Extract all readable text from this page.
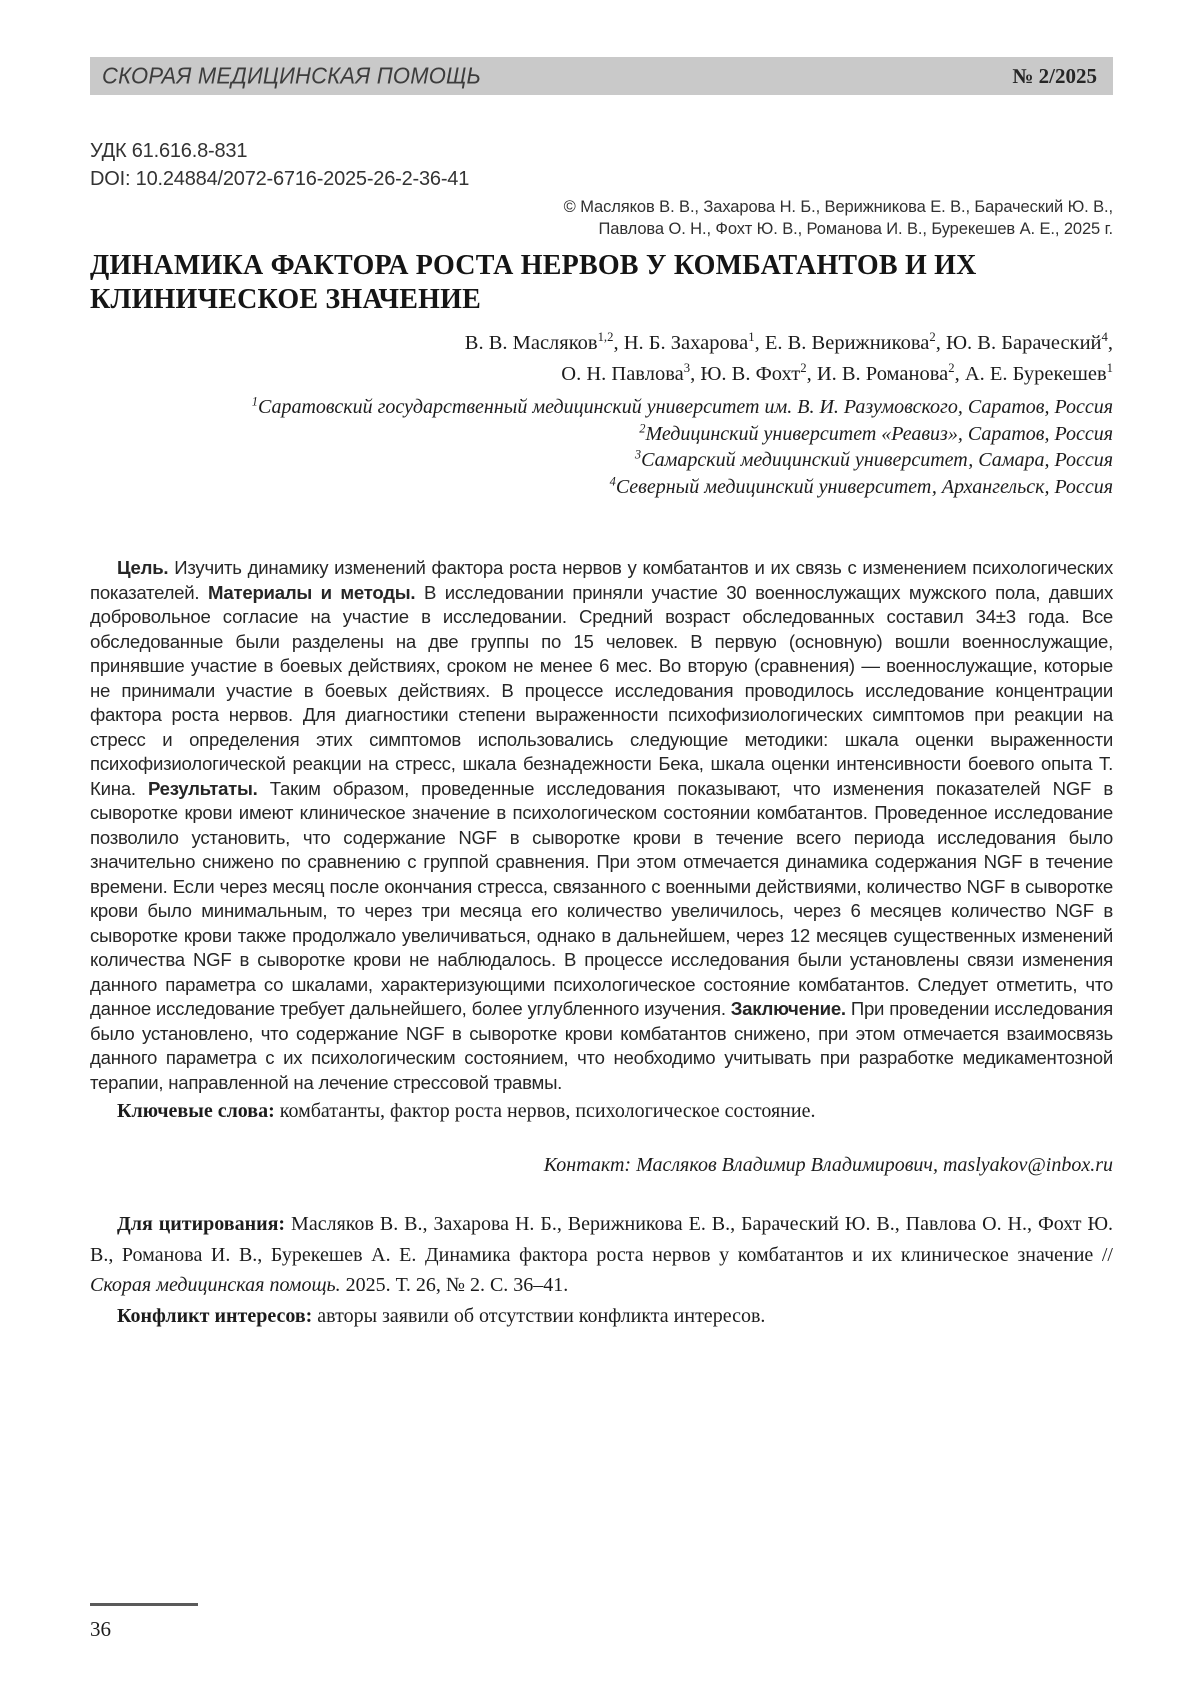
СКОРАЯ МЕДИЦИНСКАЯ ПОМОЩЬ	№ 2/2025
УДК 61.616.8-831
DOI: 10.24884/2072-6716-2025-26-2-36-41
© Масляков В. В., Захарова Н. Б., Верижникова Е. В., Бараческий Ю. В.,
Павлова О. Н., Фохт Ю. В., Романова И. В., Бурекешев А. Е., 2025 г.
ДИНАМИКА ФАКТОРА РОСТА НЕРВОВ У КОМБАТАНТОВ И ИХ КЛИНИЧЕСКОЕ ЗНАЧЕНИЕ
В. В. Масляков$^{1,2}$, Н. Б. Захарова$^1$, Е. В. Верижникова$^2$, Ю. В. Бараческий$^4$,
О. Н. Павлова$^3$, Ю. В. Фохт$^2$, И. В. Романова$^2$, А. Е. Бурекешев$^1$
$^1$Саратовский государственный медицинский университет им. В. И. Разумовского, Саратов, Россия
$^2$Медицинский университет «Реавиз», Саратов, Россия
$^3$Самарский медицинский университет, Самара, Россия
$^4$Северный медицинский университет, Архангельск, Россия

Цель. Изучить динамику изменений фактора роста нервов у комбатантов и их связь с изменением психологических показателей. Материалы и методы. В исследовании приняли участие 30 военнослужащих мужского пола, давших добровольное согласие на участие в исследовании. Средний возраст обследованных составил 34±3 года. Все обследованные были разделены на две группы по 15 человек. В первую (основную) вошли военнослужащие, принявшие участие в боевых действиях, сроком не менее 6 мес. Во вторую (сравнения) — военнослужащие, которые не принимали участие в боевых действиях. В процессе исследования проводилось исследование концентрации фактора роста нервов. Для диагностики степени выраженности психофизиологических симптомов при реакции на стресс и определения этих симптомов использовались следующие методики: шкала оценки выраженности психофизиологической реакции на стресс, шкала безнадежности Бека, шкала оценки интенсивности боевого опыта Т. Кина. Результаты. Таким образом, проведенные исследования показывают, что изменения показателей NGF в сыворотке крови имеют клиническое значение в психологическом состоянии комбатантов. Проведенное исследование позволило установить, что содержание NGF в сыворотке крови в течение всего периода исследования было значительно снижено по сравнению с группой сравнения. При этом отмечается динамика содержания NGF в течение времени. Если через месяц после окончания стресса, связанного с военными действиями, количество NGF в сыворотке крови было минимальным, то через три месяца его количество увеличилось, через 6 месяцев количество NGF в сыворотке крови также продолжало увеличиваться, однако в дальнейшем, через 12 месяцев существенных изменений количества NGF в сыворотке крови не наблюдалось. В процессе исследования были установлены связи изменения данного параметра со шкалами, характеризующими психологическое состояние комбатантов. Следует отметить, что данное исследование требует дальнейшего, более углубленного изучения. Заключение. При проведении исследования было установлено, что содержание NGF в сыворотке крови комбатантов снижено, при этом отмечается взаимосвязь данного параметра с их психологическим состоянием, что необходимо учитывать при разработке медикаментозной терапии, направленной на лечение стрессовой травмы.

Ключевые слова: комбатанты, фактор роста нервов, психологическое состояние.

Контакт: Масляков Владимир Владимирович, maslyakov@inbox.ru

Для цитирования: Масляков В. В., Захарова Н. Б., Верижникова Е. В., Бараческий Ю. В., Павлова О. Н., Фохт Ю. В., Романова И. В., Бурекешев А. Е. Динамика фактора роста нервов у комбатантов и их клиническое значение // Скорая медицинская помощь. 2025. Т. 26, № 2. С. 36–41.

Конфликт интересов: авторы заявили об отсутствии конфликта интересов.

36
